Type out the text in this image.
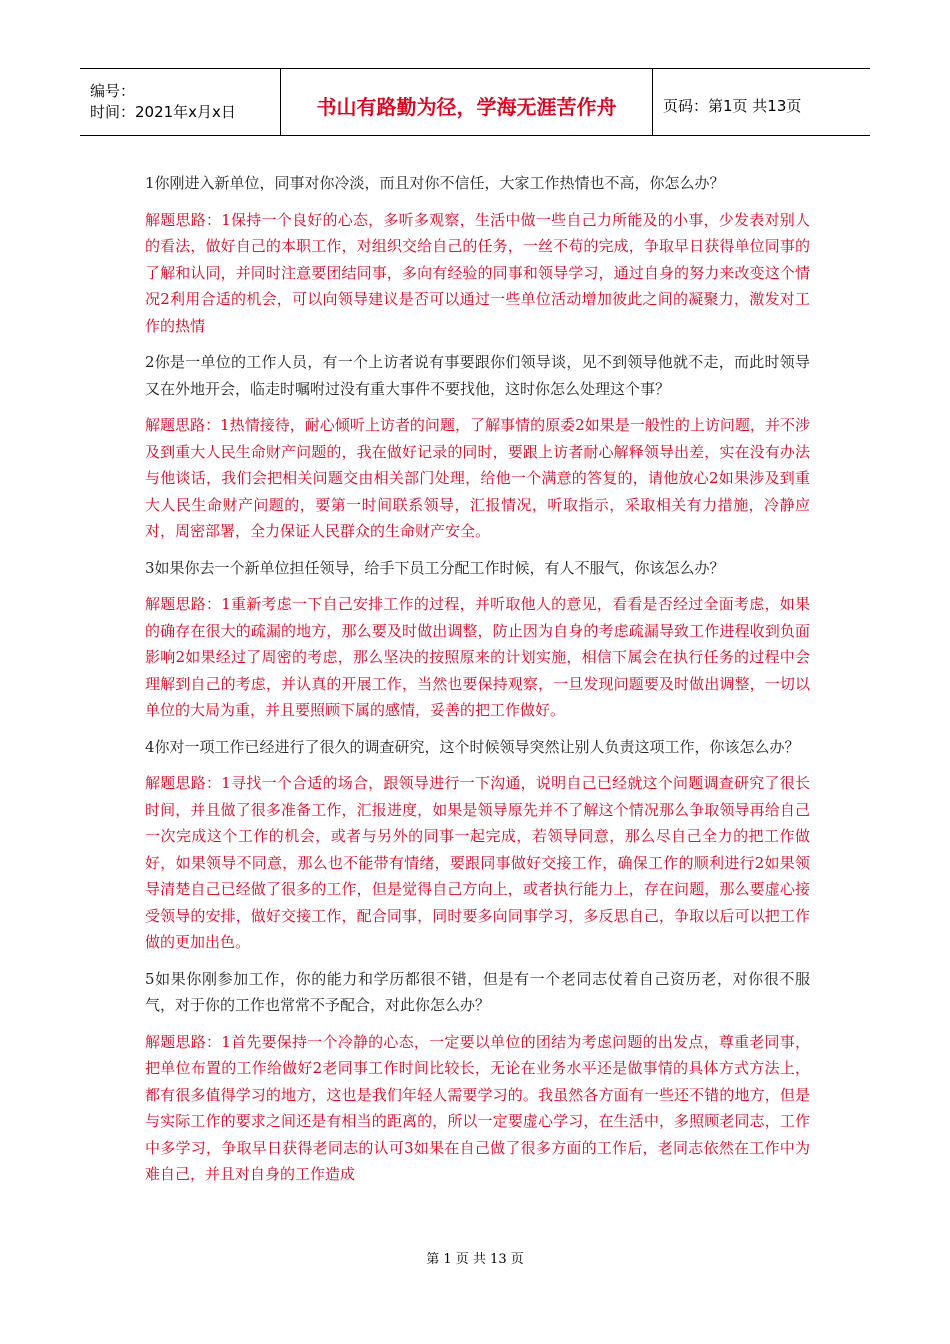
编号：
时间：2021年x月x日	书山有路勤为径，学海无涯苦作舟	页码：第1页 共13页

1你刚进入新单位，同事对你冷淡，而且对你不信任，大家工作热情也不高，你怎么办？

解题思路：1保持一个良好的心态，多听多观察，生活中做一些自己力所能及的小事，少发表对别人的看法，做好自己的本职工作，对组织交给自己的任务，一丝不苟的完成，争取早日获得单位同事的了解和认同，并同时注意要团结同事，多向有经验的同事和领导学习，通过自身的努力来改变这个情况2利用合适的机会，可以向领导建议是否可以通过一些单位活动增加彼此之间的凝聚力，激发对工作的热情

2你是一单位的工作人员，有一个上访者说有事要跟你们领导谈，见不到领导他就不走，而此时领导又在外地开会，临走时嘱咐过没有重大事件不要找他，这时你怎么处理这个事？

解题思路：1热情接待，耐心倾听上访者的问题，了解事情的原委2如果是一般性的上访问题，并不涉及到重大人民生命财产问题的，我在做好记录的同时，要跟上访者耐心解释领导出差，实在没有办法与他谈话，我们会把相关问题交由相关部门处理，给他一个满意的答复的，请他放心2如果涉及到重大人民生命财产问题的，要第一时间联系领导，汇报情况，听取指示，采取相关有力措施，冷静应对，周密部署，全力保证人民群众的生命财产安全。

3如果你去一个新单位担任领导，给手下员工分配工作时候，有人不服气，你该怎么办？

解题思路：1重新考虑一下自己安排工作的过程，并听取他人的意见，看看是否经过全面考虑，如果的确存在很大的疏漏的地方，那么要及时做出调整，防止因为自身的考虑疏漏导致工作进程收到负面影响2如果经过了周密的考虑，那么坚决的按照原来的计划实施，相信下属会在执行任务的过程中会理解到自己的考虑，并认真的开展工作，当然也要保持观察，一旦发现问题要及时做出调整，一切以单位的大局为重，并且要照顾下属的感情，妥善的把工作做好。

4你对一项工作已经进行了很久的调查研究，这个时候领导突然让别人负责这项工作，你该怎么办？

解题思路：1寻找一个合适的场合，跟领导进行一下沟通，说明自己已经就这个问题调查研究了很长时间，并且做了很多准备工作，汇报进度，如果是领导原先并不了解这个情况那么争取领导再给自己一次完成这个工作的机会，或者与另外的同事一起完成，若领导同意，那么尽自己全力的把工作做好，如果领导不同意，那么也不能带有情绪，要跟同事做好交接工作，确保工作的顺利进行2如果领导清楚自己已经做了很多的工作，但是觉得自己方向上，或者执行能力上，存在问题，那么要虚心接受领导的安排，做好交接工作，配合同事，同时要多向同事学习，多反思自己，争取以后可以把工作做的更加出色。

5如果你刚参加工作，你的能力和学历都很不错，但是有一个老同志仗着自己资历老，对你很不服气，对于你的工作也常常不予配合，对此你怎么办？

解题思路：1首先要保持一个冷静的心态，一定要以单位的团结为考虑问题的出发点，尊重老同事，把单位布置的工作给做好2老同事工作时间比较长，无论在业务水平还是做事情的具体方式方法上，都有很多值得学习的地方，这也是我们年轻人需要学习的。我虽然各方面有一些还不错的地方，但是与实际工作的要求之间还是有相当的距离的，所以一定要虚心学习，在生活中，多照顾老同志，工作中多学习，争取早日获得老同志的认可3如果在自己做了很多方面的工作后，老同志依然在工作中为难自己，并且对自身的工作造成

第 1 页 共 13 页
